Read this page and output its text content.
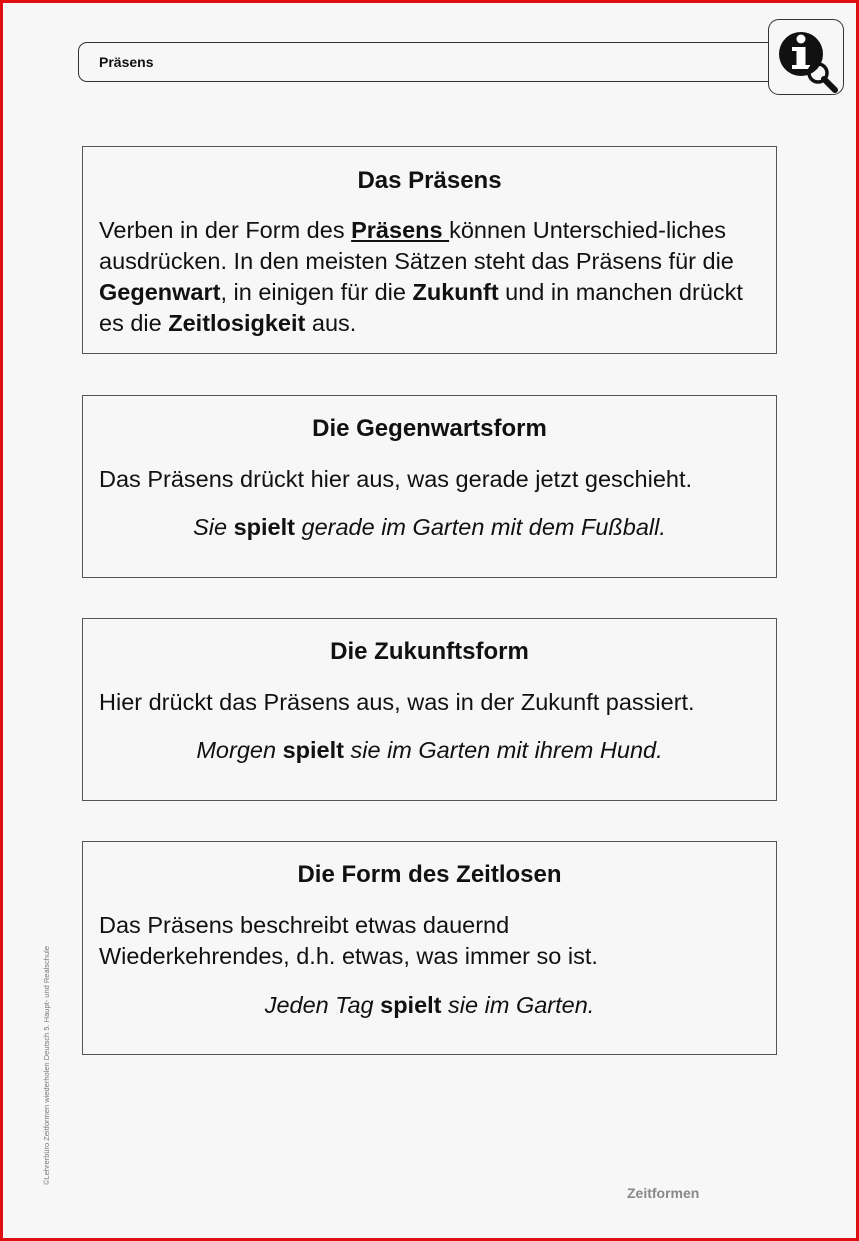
Präsens
Das Präsens
Verben in der Form des Präsens können Unterschied-liches ausdrücken. In den meisten Sätzen steht das Präsens für die Gegenwart, in einigen für die Zukunft und in manchen drückt es die Zeitlosigkeit aus.
Die Gegenwartsform
Das Präsens drückt hier aus, was gerade jetzt geschieht.
Sie spielt gerade im Garten mit dem Fußball.
Die Zukunftsform
Hier drückt das Präsens aus, was in der Zukunft passiert.
Morgen spielt sie im Garten mit ihrem Hund.
Die Form des Zeitlosen
Das Präsens beschreibt etwas dauernd Wiederkehrendes, d.h. etwas, was immer so ist.
Jeden Tag spielt sie im Garten.
©Lehrerbüro Zeitformen wiederholen Deutsch 5. Haupt- und Realschule
Zeitformen
